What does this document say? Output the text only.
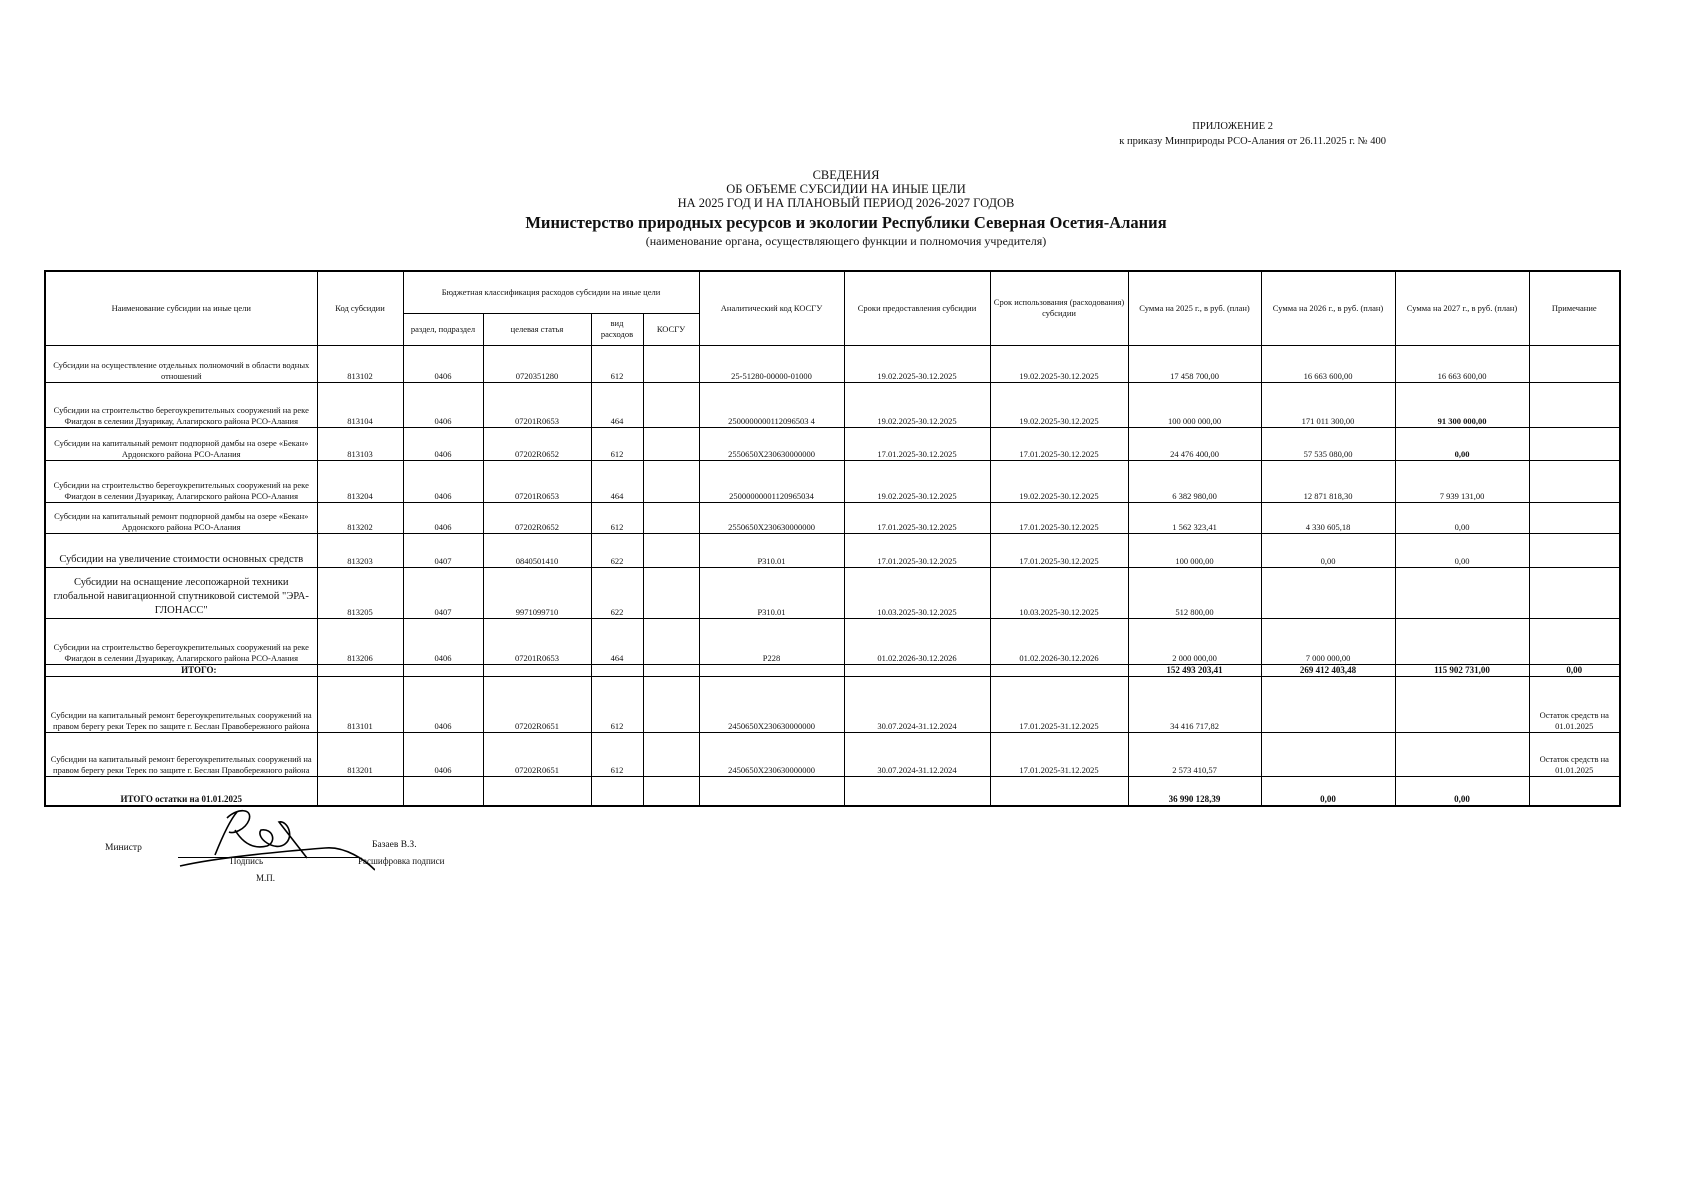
ПРИЛОЖЕНИЕ 2
к приказу Минприроды РСО-Алания от 26.11.2025 г. № 400
СВЕДЕНИЯ
ОБ ОБЪЕМЕ СУБСИДИИ НА ИНЫЕ ЦЕЛИ
НА 2025 ГОД И НА ПЛАНОВЫЙ ПЕРИОД 2026-2027 ГОДОВ
Министерство природных ресурсов и экологии Республики Северная Осетия-Алания
(наименование органа, осуществляющего функции и полномочия учредителя)
Наименование субсидии на иные цели	Код субсидии	Бюджетная классификация расходов субсидии на иные цели				Аналитический код КОСГУ	Сроки предоставления субсидии	Срок использования (расходования) субсидии	Сумма на 2025 г., в руб. (план)	Сумма на 2026 г., в руб. (план)	Сумма на 2027 г., в руб. (план)	Примечание
		раздел, подраздел	целевая статья	вид расходов	КОСГУ							
Субсидии на осуществление отдельных полномочий в области водных отношений	813102	0406	0720351280	612		25-51280-00000-01000	19.02.2025-30.12.2025	19.02.2025-30.12.2025	17 458 700,00	16 663 600,00	16 663 600,00	
Субсидии на строительство берегоукрепительных сооружений на реке Фиагдон в селении Дзуарикау, Алагирского района РСО-Алания	813104	0406	07201R0653	464		2500000000112096503 4	19.02.2025-30.12.2025	19.02.2025-30.12.2025	100 000 000,00	171 011 300,00	91 300 000,00	
Субсидии на капитальный ремонт подпорной дамбы на озере «Бекан» Ардонского района РСО-Алания	813103	0406	07202R0652	612		2550650X230630000000	17.01.2025-30.12.2025	17.01.2025-30.12.2025	24 476 400,00	57 535 080,00	0,00	
Субсидии на строительство берегоукрепительных сооружений на реке Фиагдон в селении Дзуарикау, Алагирского района РСО-Алания	813204	0406	07201R0653	464		25000000001120965034	19.02.2025-30.12.2025	19.02.2025-30.12.2025	6 382 980,00	12 871 818,30	7 939 131,00	
Субсидии на капитальный ремонт подпорной дамбы на озере «Бекан» Ардонского района РСО-Алания	813202	0406	07202R0652	612		2550650X230630000000	17.01.2025-30.12.2025	17.01.2025-30.12.2025	1 562 323,41	4 330 605,18	0,00	
Субсидии на увеличение стоимости основных средств	813203	0407	0840501410	622		P310.01	17.01.2025-30.12.2025	17.01.2025-30.12.2025	100 000,00	0,00	0,00	
Субсидии на оснащение лесопожарной техники глобальной навигационной спутниковой системой "ЭРА-ГЛОНАСС"	813205	0407	9971099710	622		P310.01	10.03.2025-30.12.2025	10.03.2025-30.12.2025	512 800,00			
Субсидии на строительство берегоукрепительных сооружений на реке Фиагдон в селении Дзуарикау, Алагирского района РСО-Алания	813206	0406	07201R0653	464		P228	01.02.2026-30.12.2026	01.02.2026-30.12.2026	2 000 000,00	7 000 000,00		
ИТОГО:									152 493 203,41	269 412 403,48	115 902 731,00	0,00
Субсидии на капитальный ремонт берегоукрепительных сооружений на правом берегу реки Терек по защите г. Беслан Правобережного района	813101	0406	07202R0651	612		2450650X230630000000	30.07.2024-31.12.2024	17.01.2025-31.12.2025	34 416 717,82			Остаток средств на 01.01.2025
Субсидии на капитальный ремонт берегоукрепительных сооружений на правом берегу реки Терек по защите г. Беслан Правобережного района	813201	0406	07202R0651	612		2450650X230630000000	30.07.2024-31.12.2024	17.01.2025-31.12.2025	2 573 410,57			Остаток средств на 01.01.2025
ИТОГО остатки на 01.01.2025									36 990 128,39	0,00	0,00	
Министр	Базаев В.З.
Подпись	Расшифровка подписи
М.П.
